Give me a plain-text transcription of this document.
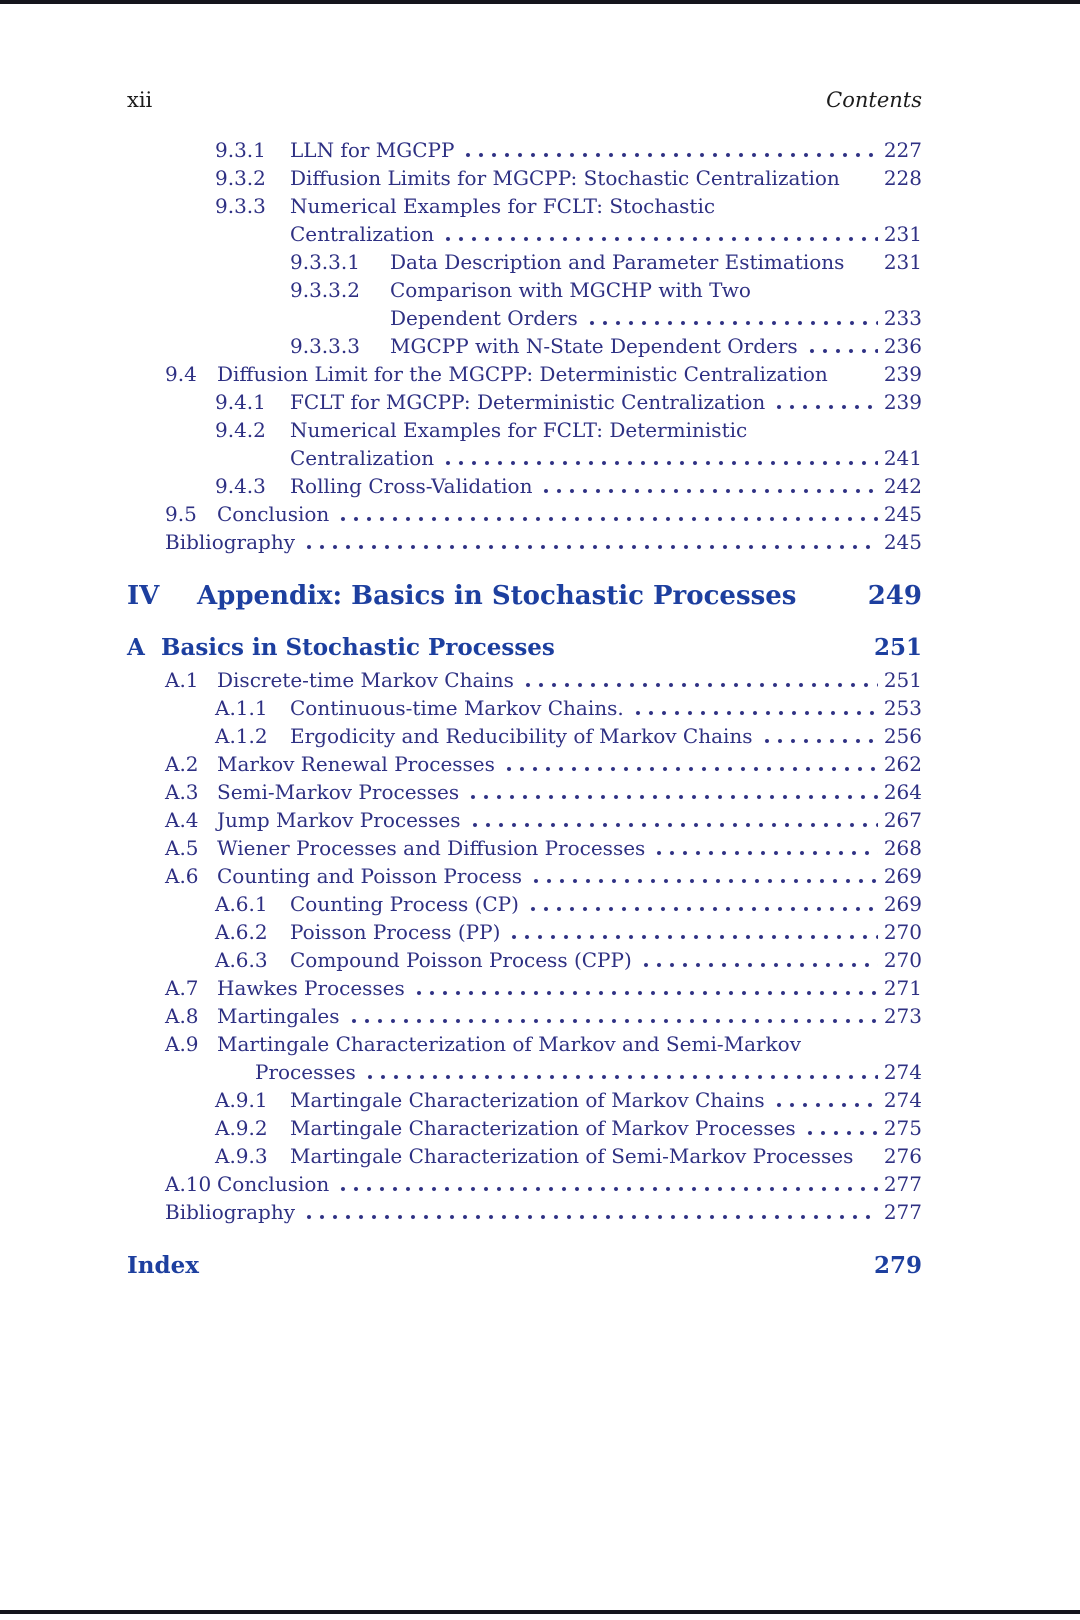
xii	Contents
9.3.1	LLN for MGCPP	227
9.3.2	Diffusion Limits for MGCPP: Stochastic Centralization 228
9.3.3	Numerical Examples for FCLT: Stochastic
Centralization	231
9.3.3.1	Data Description and Parameter Estimations 231
9.3.3.2	Comparison with MGCHP with Two
Dependent Orders	233
9.3.3.3	MGCPP with N-State Dependent Orders	236
9.4	Diffusion Limit for the MGCPP: Deterministic Centralization	239
9.4.1	FCLT for MGCPP: Deterministic Centralization	239
9.4.2	Numerical Examples for FCLT: Deterministic
Centralization	241
9.4.3	Rolling Cross-Validation	242
9.5	Conclusion	245
Bibliography	245
IV	Appendix: Basics in Stochastic Processes	249
A Basics in Stochastic Processes	251
A.1 Discrete-time Markov Chains	251
A.1.1	Continuous-time Markov Chains.	253
A.1.2	Ergodicity and Reducibility of Markov Chains	256
A.2 Markov Renewal Processes	262
A.3 Semi-Markov Processes	264
A.4 Jump Markov Processes	267
A.5 Wiener Processes and Diffusion Processes	268
A.6 Counting and Poisson Process	269
A.6.1	Counting Process (CP)	269
A.6.2	Poisson Process (PP)	270
A.6.3	Compound Poisson Process (CPP)	270
A.7 Hawkes Processes	271
A.8 Martingales	273
A.9 Martingale Characterization of Markov and Semi-Markov
Processes	274
A.9.1	Martingale Characterization of Markov Chains	274
A.9.2	Martingale Characterization of Markov Processes	275
A.9.3	Martingale Characterization of Semi-Markov Processes 276
A.10 Conclusion	277
Bibliography	277
Index	279
